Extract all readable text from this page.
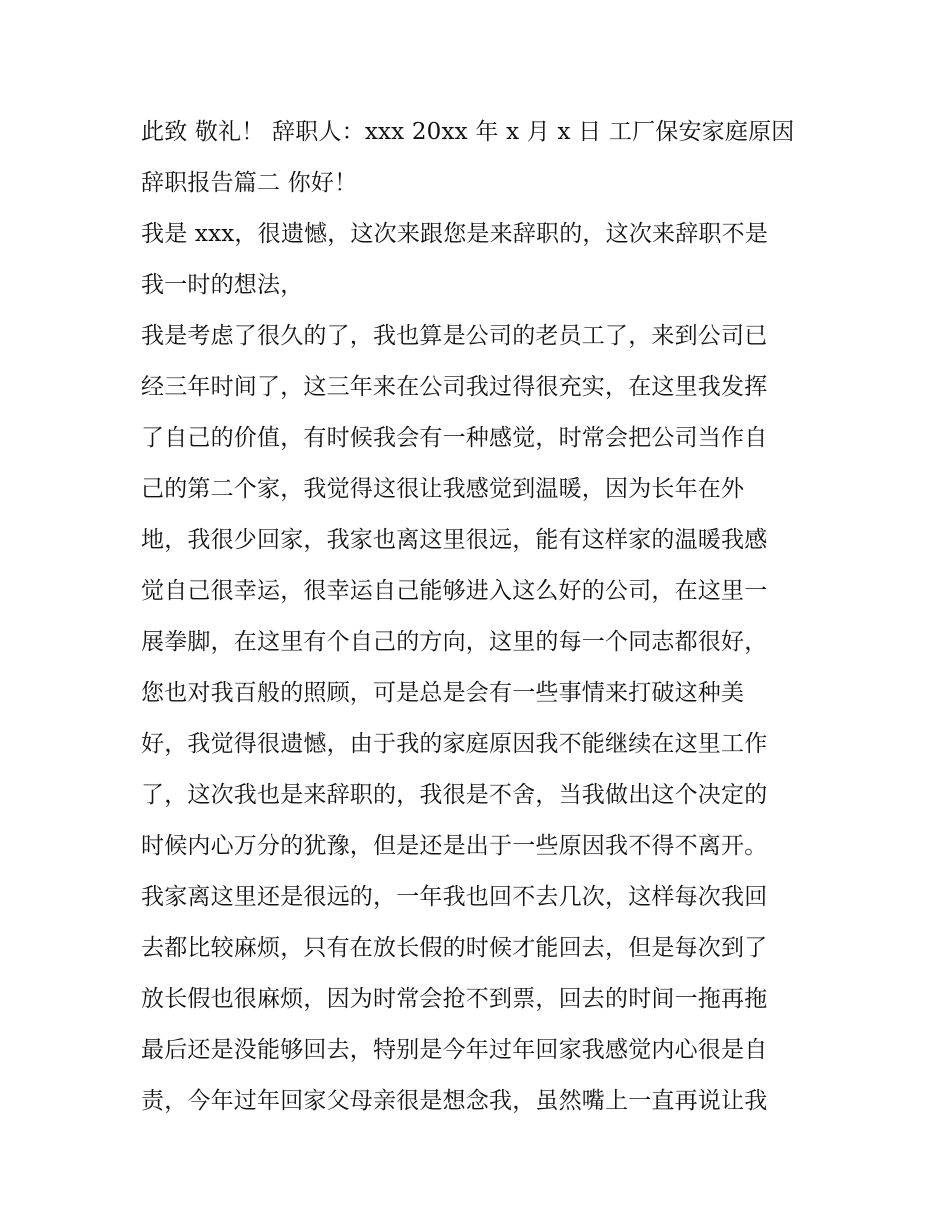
此致 敬礼！ 辞职人：xxx 20xx 年 x 月 x 日 工厂保安家庭原因
辞职报告篇二 你好！
我是 xxx，很遗憾，这次来跟您是来辞职的，这次来辞职不是
我一时的想法，
我是考虑了很久的了，我也算是公司的老员工了，来到公司已
经三年时间了，这三年来在公司我过得很充实，在这里我发挥
了自己的价值，有时候我会有一种感觉，时常会把公司当作自
己的第二个家，我觉得这很让我感觉到温暖，因为长年在外
地，我很少回家，我家也离这里很远，能有这样家的温暖我感
觉自己很幸运，很幸运自己能够进入这么好的公司，在这里一
展拳脚，在这里有个自己的方向，这里的每一个同志都很好，
您也对我百般的照顾，可是总是会有一些事情来打破这种美
好，我觉得很遗憾，由于我的家庭原因我不能继续在这里工作
了，这次我也是来辞职的，我很是不舍，当我做出这个决定的
时候内心万分的犹豫，但是还是出于一些原因我不得不离开。
我家离这里还是很远的，一年我也回不去几次，这样每次我回
去都比较麻烦，只有在放长假的时候才能回去，但是每次到了
放长假也很麻烦，因为时常会抢不到票，回去的时间一拖再拖
最后还是没能够回去，特别是今年过年回家我感觉内心很是自
责，今年过年回家父母亲很是想念我，虽然嘴上一直再说让我
